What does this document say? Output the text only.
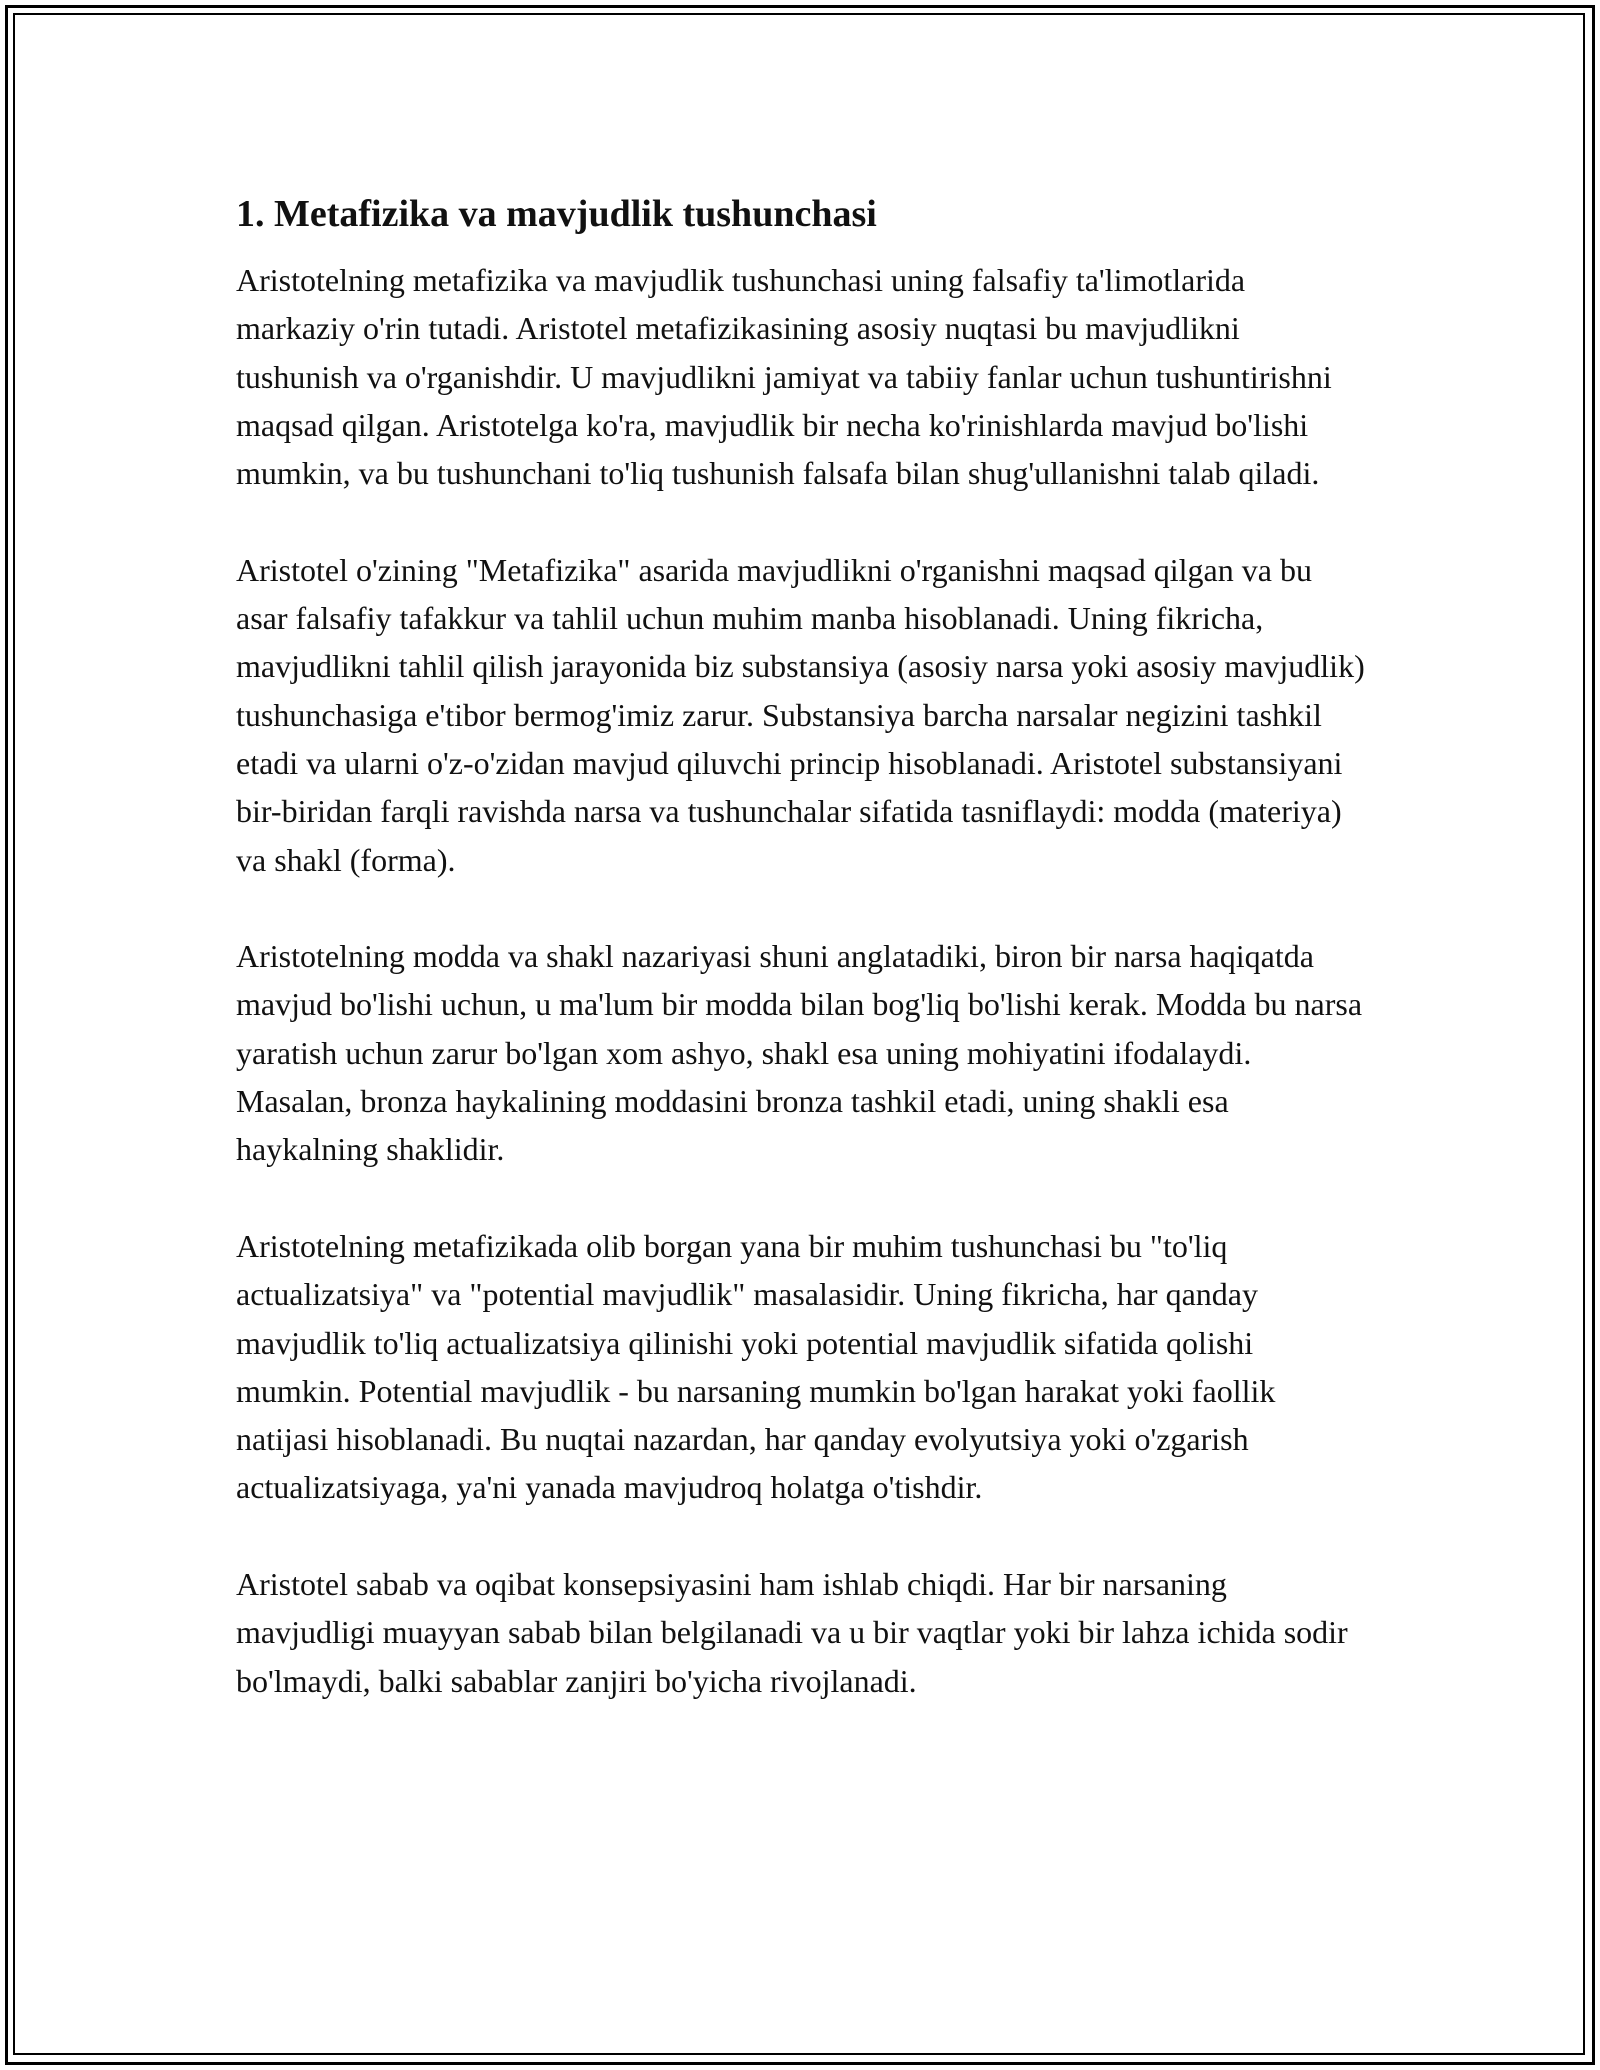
1. Metafizika va mavjudlik tushunchasi

Aristotelning metafizika va mavjudlik tushunchasi uning falsafiy ta'limotlarida markaziy o'rin tutadi. Aristotel metafizikasining asosiy nuqtasi bu mavjudlikni tushunish va o'rganishdir. U mavjudlikni jamiyat va tabiiy fanlar uchun tushuntirishni maqsad qilgan. Aristotelga ko'ra, mavjudlik bir necha ko'rinishlarda mavjud bo'lishi mumkin, va bu tushunchani to'liq tushunish falsafa bilan shug'ullanishni talab qiladi.

Aristotel o'zining "Metafizika" asarida mavjudlikni o'rganishni maqsad qilgan va bu asar falsafiy tafakkur va tahlil uchun muhim manba hisoblanadi. Uning fikricha, mavjudlikni tahlil qilish jarayonida biz substansiya (asosiy narsa yoki asosiy mavjudlik) tushunchasiga e'tibor bermog'imiz zarur. Substansiya barcha narsalar negizini tashkil etadi va ularni o'z-o'zidan mavjud qiluvchi princip hisoblanadi. Aristotel substansiyani bir-biridan farqli ravishda narsa va tushunchalar sifatida tasniflaydi: modda (materiya) va shakl (forma).

Aristotelning modda va shakl nazariyasi shuni anglatadiki, biron bir narsa haqiqatda mavjud bo'lishi uchun, u ma'lum bir modda bilan bog'liq bo'lishi kerak. Modda bu narsa yaratish uchun zarur bo'lgan xom ashyo, shakl esa uning mohiyatini ifodalaydi. Masalan, bronza haykalining moddasini bronza tashkil etadi, uning shakli esa haykalning shaklidir.

Aristotelning metafizikada olib borgan yana bir muhim tushunchasi bu "to'liq actualizatsiya" va "potential mavjudlik" masalasidir. Uning fikricha, har qanday mavjudlik to'liq actualizatsiya qilinishi yoki potential mavjudlik sifatida qolishi mumkin. Potential mavjudlik - bu narsaning mumkin bo'lgan harakat yoki faollik natijasi hisoblanadi. Bu nuqtai nazardan, har qanday evolyutsiya yoki o'zgarish actualizatsiyaga, ya'ni yanada mavjudroq holatga o'tishdir.

Aristotel sabab va oqibat konsepsiyasini ham ishlab chiqdi. Har bir narsaning mavjudligi muayyan sabab bilan belgilanadi va u bir vaqtlar yoki bir lahza ichida sodir bo'lmaydi, balki sabablar zanjiri bo'yicha rivojlanadi.
